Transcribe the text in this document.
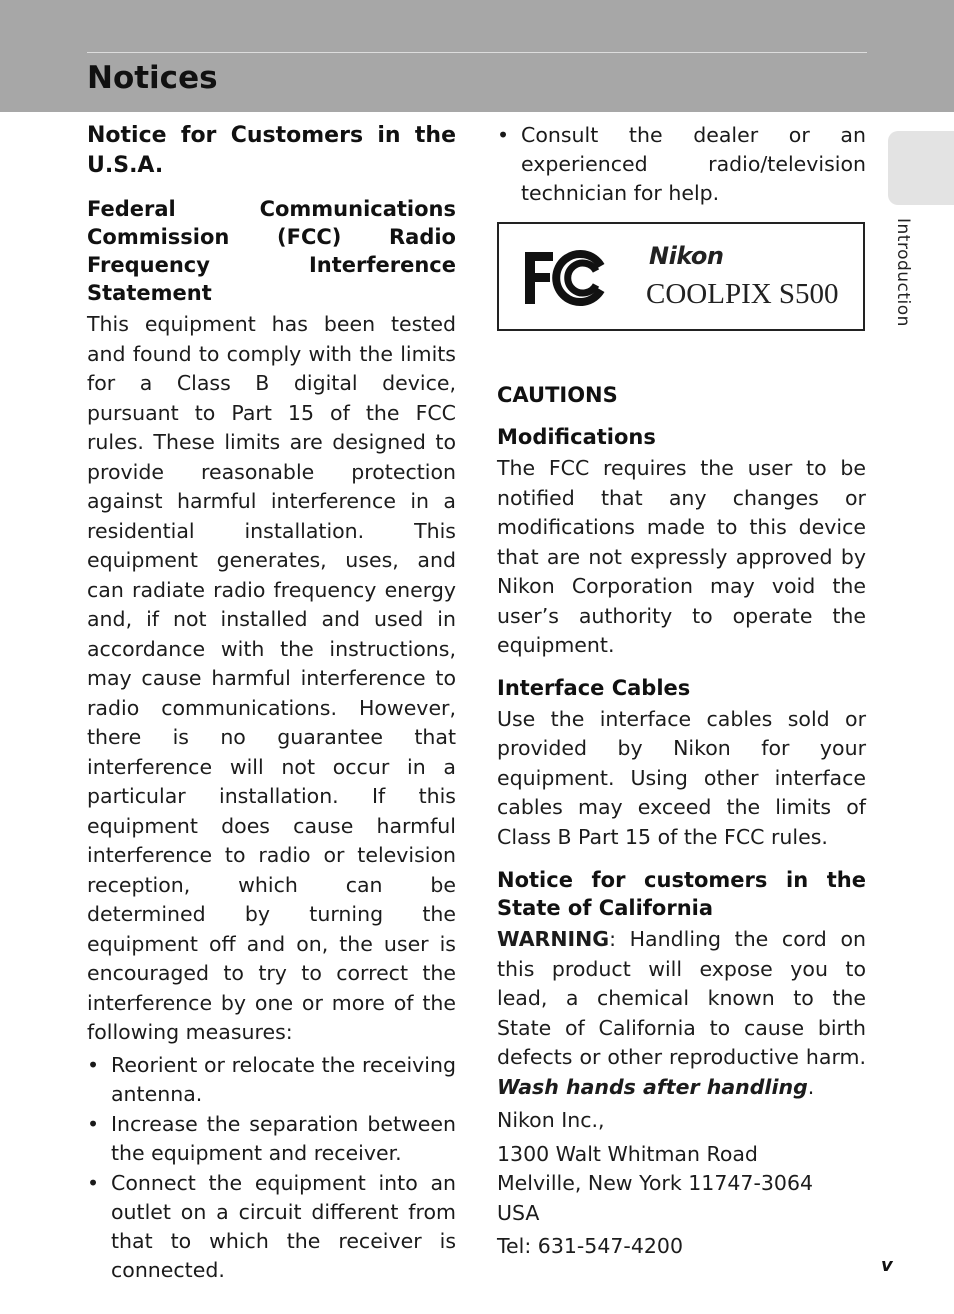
Notices
Introduction
Notice for Customers in the U.S.A.
Federal Communications Commission (FCC) Radio Frequency Interference Statement

This equipment has been tested and found to comply with the limits for a Class B digital device, pursuant to Part 15 of the FCC rules. These limits are designed to provide reasonable protection against harmful interference in a residential installation. This equipment generates, uses, and can radiate radio frequency energy and, if not installed and used in accordance with the instructions, may cause harmful interference to radio communications. However, there is no guarantee that interference will not occur in a particular installation. If this equipment does cause harmful interference to radio or television reception, which can be determined by turning the equipment off and on, the user is encouraged to try to correct the interference by one or more of the following measures:

• Reorient or relocate the receiving antenna.
• Increase the separation between the equipment and receiver.
• Connect the equipment into an outlet on a circuit different from that to which the receiver is connected.
• Consult the dealer or an experienced radio/television technician for help.
Nikon
COOLPIX S500
CAUTIONS
Modifications

The FCC requires the user to be notified that any changes or modifications made to this device that are not expressly approved by Nikon Corporation may void the user’s authority to operate the equipment.

Interface Cables

Use the interface cables sold or provided by Nikon for your equipment. Using other interface cables may exceed the limits of Class B Part 15 of the FCC rules.

Notice for customers in the State of California

WARNING: Handling the cord on this product will expose you to lead, a chemical known to the State of California to cause birth defects or other reproductive harm. Wash hands after handling.

Nikon Inc.,

1300 Walt Whitman Road

Melville, New York 11747-3064

USA

Tel: 631-547-4200

v
